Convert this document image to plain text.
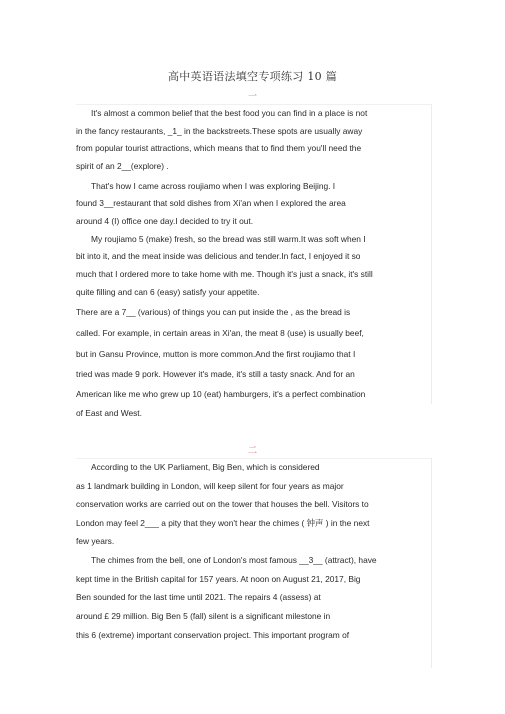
高中英语语法填空专项练习 10 篇
一
It's almost a common belief that the best food you can find in a place is not
in the fancy restaurants, _1_ in the backstreets.These spots are usually away
from popular tourist attractions, which means that to find them you'll need the
spirit of an 2__(explore) .
That's how I came across roujiamo when I was exploring Beijing. I
found 3__restaurant that sold dishes from Xi'an when I explored the area
around 4 (I) office one day.I decided to try it out.
My roujiamo 5 (make) fresh, so the bread was still warm.It was soft when I
bit into it, and the meat inside was delicious and tender.In fact, I enjoyed it so
much that I ordered more to take home with me. Though it's just a snack, it's still
quite filling and can 6 (easy) satisfy your appetite.
There are a 7__ (various) of things you can put inside the , as the bread is
called. For example, in certain areas in Xi'an, the meat 8 (use) is usually beef,
but in Gansu Province, mutton is more common.And the first roujiamo that I
tried was made 9 pork. However it's made, it's still a tasty snack. And for an
American like me who grew up 10 (eat) hamburgers, it's a perfect combination
of East and West.
二
According to the UK Parliament, Big Ben, which is considered
as 1 landmark building in London, will keep silent for four years as major
conservation works are carried out on the tower that houses the bell. Visitors to
London may feel 2___ a pity that they won't hear the chimes ( 钟声 ) in the next
few years.
The chimes from the bell, one of London's most famous __3__ (attract), have
kept time in the British capital for 157 years. At noon on August 21, 2017, Big
Ben sounded for the last time until 2021. The repairs 4 (assess) at
around £ 29 million. Big Ben 5 (fall) silent is a significant milestone in
this 6 (extreme) important conservation project. This important program of
